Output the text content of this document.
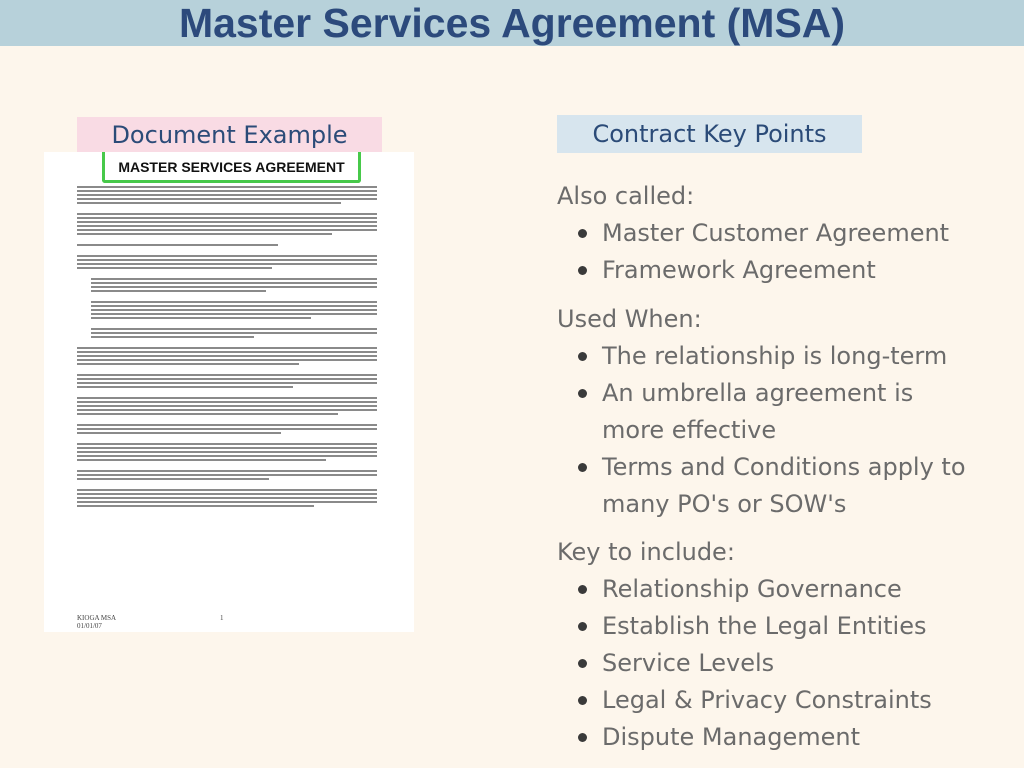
Master Services Agreement (MSA)
Document Example	Contract Key Points
MASTER SERVICES AGREEMENT
KIOGA MSA
01/01/07
1
Also called:
Master Customer Agreement
Framework Agreement
Used When:
The relationship is long-term
An umbrella agreement is more effective
Terms and Conditions apply to many PO's or SOW's
Key to include:
Relationship Governance
Establish the Legal Entities
Service Levels
Legal & Privacy Constraints
Dispute Management
